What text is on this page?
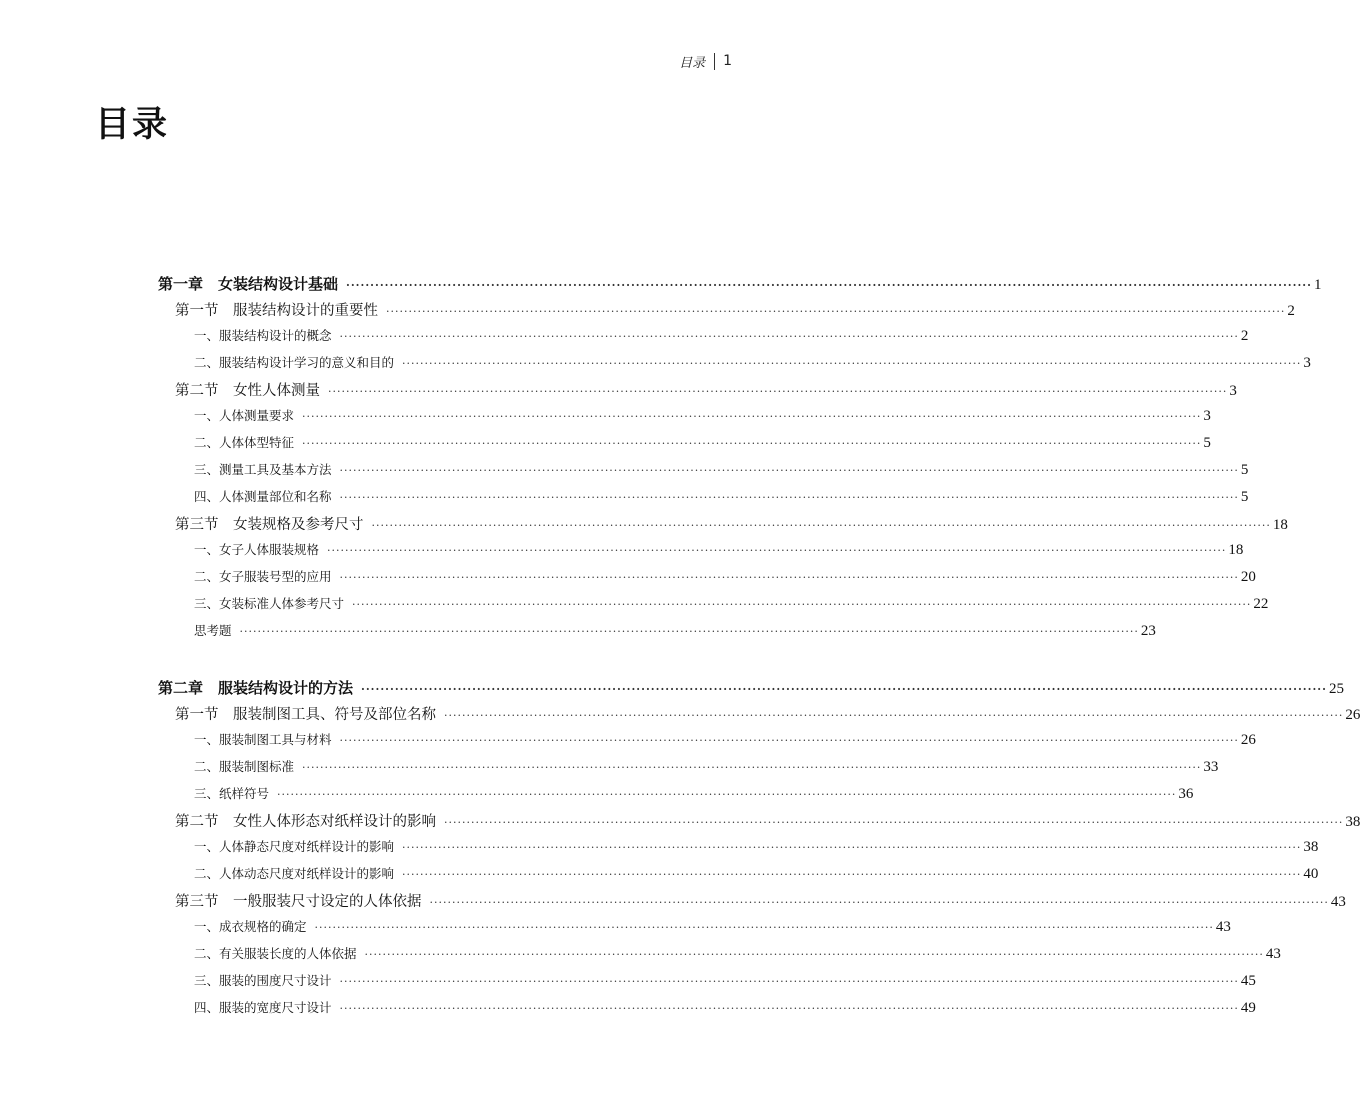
目录 1
目录
第一章　女装结构设计基础 ········································································································································································································ 1
第一节　服装结构设计的重要性 ········································································································································································································ 2
一、服装结构设计的概念 ········································································································································································································ 2
二、服装结构设计学习的意义和目的 ········································································································································································································ 3
第二节　女性人体测量 ········································································································································································································ 3
一、人体测量要求 ········································································································································································································ 3
二、人体体型特征 ········································································································································································································ 5
三、测量工具及基本方法 ········································································································································································································ 5
四、人体测量部位和名称 ········································································································································································································ 5
第三节　女装规格及参考尺寸 ········································································································································································································ 18
一、女子人体服装规格 ········································································································································································································ 18
二、女子服装号型的应用 ········································································································································································································ 20
三、女装标准人体参考尺寸 ········································································································································································································ 22
思考题 ········································································································································································································ 23
第二章　服装结构设计的方法 ········································································································································································································ 25
第一节　服装制图工具、符号及部位名称 ········································································································································································································ 26
一、服装制图工具与材料 ········································································································································································································ 26
二、服装制图标准 ········································································································································································································ 33
三、纸样符号 ········································································································································································································ 36
第二节　女性人体形态对纸样设计的影响 ········································································································································································································ 38
一、人体静态尺度对纸样设计的影响 ········································································································································································································ 38
二、人体动态尺度对纸样设计的影响 ········································································································································································································ 40
第三节　一般服装尺寸设定的人体依据 ········································································································································································································ 43
一、成衣规格的确定 ········································································································································································································ 43
二、有关服装长度的人体依据 ········································································································································································································ 43
三、服装的围度尺寸设计 ········································································································································································································ 45
四、服装的宽度尺寸设计 ········································································································································································································ 49
